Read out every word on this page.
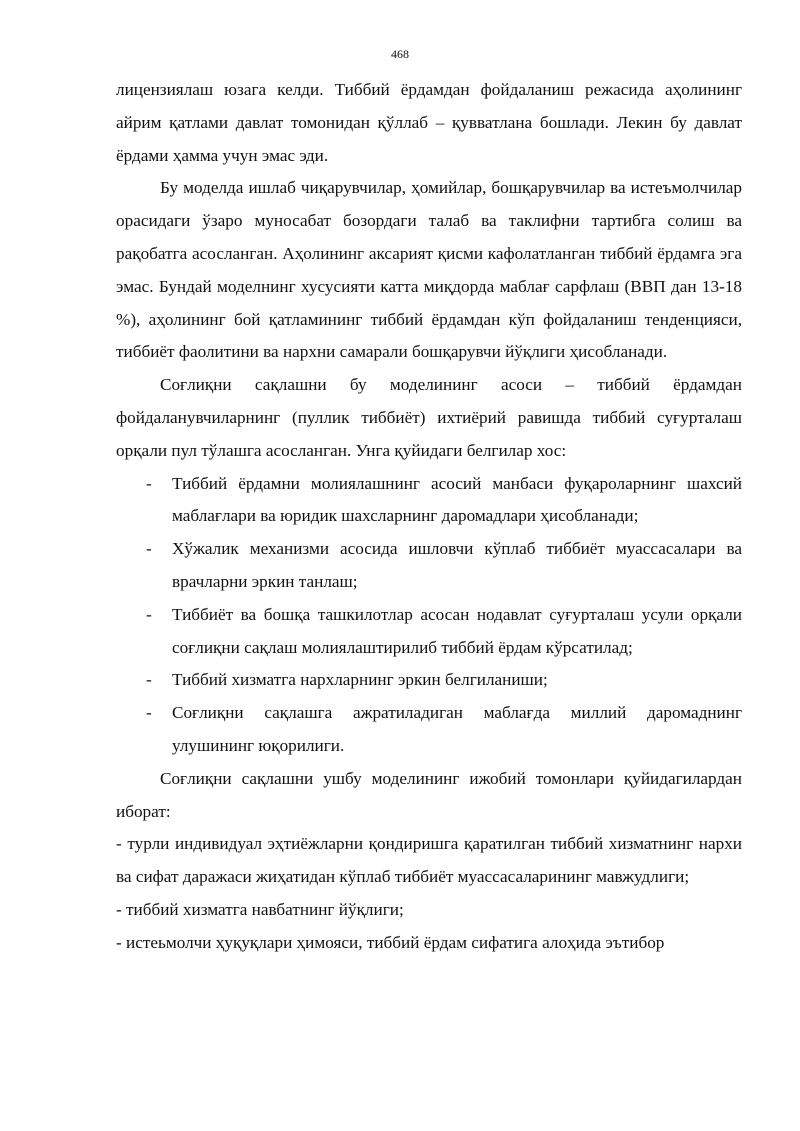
468

лицензиялаш юзага келди. Тиббий ёрдамдан фойдаланиш режасида аҳолининг айрим қатлами давлат томонидан қўллаб – қувватлана бошлади. Лекин бу давлат ёрдами ҳамма учун эмас эди.

Бу моделда ишлаб чиқарувчилар, ҳомийлар, бошқарувчилар ва истеъмолчилар орасидаги ўзаро муносабат бозордаги талаб ва таклифни тартибга солиш ва рақобатга асосланган. Аҳолининг аксарият қисми кафолатланган тиббий ёрдамга эга эмас. Бундай моделнинг хусусияти катта миқдорда маблағ сарфлаш (ВВП дан 13-18 %), аҳолининг бой қатламининг тиббий ёрдамдан кўп фойдаланиш тенденцияси, тиббиёт фаолитини ва нархни самарали бошқарувчи йўқлиги ҳисобланади.

Соғлиқни сақлашни бу моделининг асоси – тиббий ёрдамдан фойдаланувчиларнинг (пуллик тиббиёт) ихтиёрий равишда тиббий суғурталаш орқали пул тўлашга асосланган. Унга қуйидаги белгилар хос:

- Тиббий ёрдамни молиялашнинг асосий манбаси фуқароларнинг шахсий маблағлари ва юридик шахсларнинг даромадлари ҳисобланади;
- Хўжалик механизми асосида ишловчи кўплаб тиббиёт муассасалари ва врачларни эркин танлаш;
- Тиббиёт ва бошқа ташкилотлар асосан нодавлат суғурталаш усули орқали соғлиқни сақлаш молиялаштирилиб тиббий ёрдам кўрсатилад;
- Тиббий хизматга нархларнинг эркин белгиланиши;
- Соғлиқни сақлашга ажратиладиган маблағда миллий даромаднинг улушининг юқорилиги.

Соғлиқни сақлашни ушбу моделининг ижобий томонлари қуйидагилардан иборат:

- турли индивидуал эҳтиёжларни қондиришга қаратилган тиббий хизматнинг нархи ва сифат даражаси жиҳатидан кўплаб тиббиёт муассасаларининг мавжудлиги;

- тиббий хизматга навбатнинг йўқлиги;

- истеьмолчи ҳуқуқлари ҳимояси, тиббий ёрдам сифатига алоҳида эътибор
